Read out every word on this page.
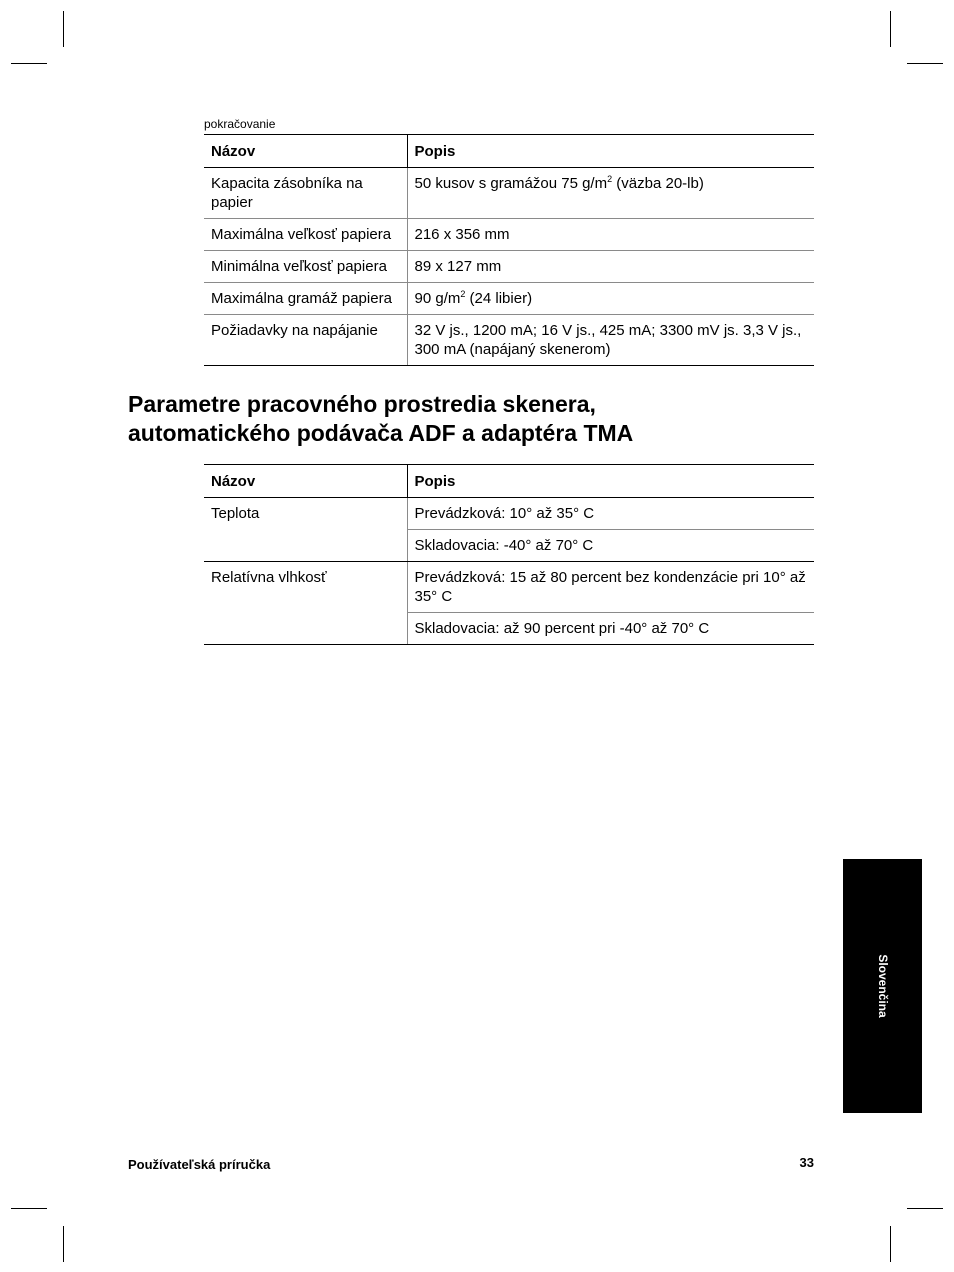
pokračovanie
Názov	Popis
Kapacita zásobníka na papier	50 kusov s gramážou 75 $g/m^2$ (väzba 20-lb)
Maximálna veľkosť papiera	216 x 356 mm
Minimálna veľkosť papiera	89 x 127 mm
Maximálna gramáž papiera	90 $g/m^2$ (24 libier)
Požiadavky na napájanie	32 V js., 1200 mA; 16 V js., 425 mA; 3300 mV js. 3,3 V js., 300 mA (napájaný skenerom)
Parametre pracovného prostredia skenera,
automatického podávača ADF a adaptéra TMA
Názov	Popis
Teplota	Prevádzková: 10° až 35° C
	Skladovacia: -40° až 70° C
Relatívna vlhkosť	Prevádzková: 15 až 80 percent bez kondenzácie pri 10° až 35° C
	Skladovacia: až 90 percent pri -40° až 70° C
Slovenčina
Používateľská príručka	33
